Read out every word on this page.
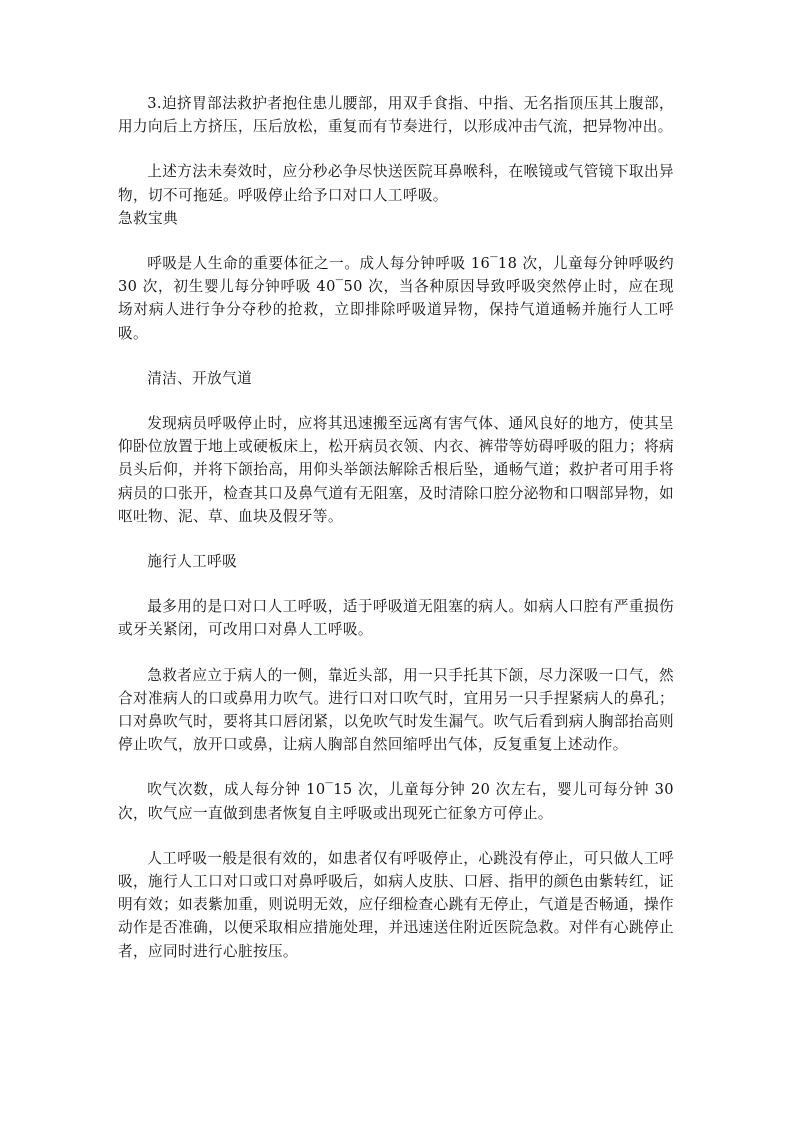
3.迫挤胃部法救护者抱住患儿腰部，用双手食指、中指、无名指顶压其上腹部，用力向后上方挤压，压后放松，重复而有节奏进行，以形成冲击气流，把异物冲出。

上述方法未奏效时，应分秒必争尽快送医院耳鼻喉科，在喉镜或气管镜下取出异物，切不可拖延。呼吸停止给予口对口人工呼吸。

急救宝典

呼吸是人生命的重要体征之一。成人每分钟呼吸 16‾18 次，儿童每分钟呼吸约 30 次，初生婴儿每分钟呼吸 40‾50 次，当各种原因导致呼吸突然停止时，应在现场对病人进行争分夺秒的抢救，立即排除呼吸道异物，保持气道通畅并施行人工呼吸。

清洁、开放气道

发现病员呼吸停止时，应将其迅速搬至远离有害气体、通风良好的地方，使其呈仰卧位放置于地上或硬板床上，松开病员衣领、内衣、裤带等妨碍呼吸的阻力；将病员头后仰，并将下颌抬高，用仰头举颌法解除舌根后坠，通畅气道；救护者可用手将病员的口张开，检查其口及鼻气道有无阻塞，及时清除口腔分泌物和口咽部异物，如呕吐物、泥、草、血块及假牙等。

施行人工呼吸

最多用的是口对口人工呼吸，适于呼吸道无阻塞的病人。如病人口腔有严重损伤或牙关紧闭，可改用口对鼻人工呼吸。

急救者应立于病人的一侧，靠近头部，用一只手托其下颌，尽力深吸一口气，然合对准病人的口或鼻用力吹气。进行口对口吹气时，宜用另一只手捏紧病人的鼻孔；口对鼻吹气时，要将其口唇闭紧，以免吹气时发生漏气。吹气后看到病人胸部抬高则停止吹气，放开口或鼻，让病人胸部自然回缩呼出气体，反复重复上述动作。

吹气次数，成人每分钟 10‾15 次，儿童每分钟 20 次左右，婴儿可每分钟 30 次，吹气应一直做到患者恢复自主呼吸或出现死亡征象方可停止。

人工呼吸一般是很有效的，如患者仅有呼吸停止，心跳没有停止，可只做人工呼吸，施行人工口对口或口对鼻呼吸后，如病人皮肤、口唇、指甲的颜色由紫转红，证明有效；如表紫加重，则说明无效，应仔细检查心跳有无停止，气道是否畅通，操作动作是否准确，以便采取相应措施处理，并迅速送住附近医院急救。对伴有心跳停止者，应同时进行心脏按压。
